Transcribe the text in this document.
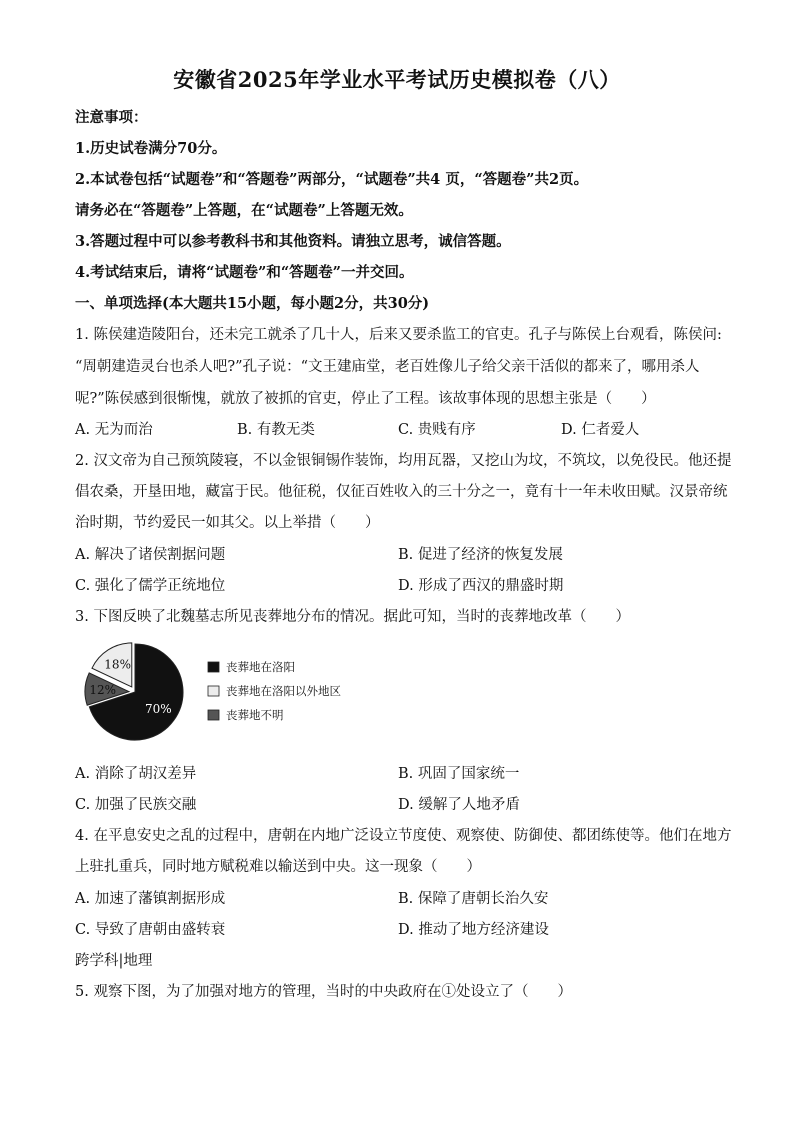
安徽省2025年学业水平考试历史模拟卷（八）
注意事项：
1.历史试卷满分70分。
2.本试卷包括“试题卷”和“答题卷”两部分，“试题卷”共4 页，“答题卷”共2页。
请务必在“答题卷”上答题，在“试题卷”上答题无效。
3.答题过程中可以参考教科书和其他资料。请独立思考，诚信答题。
4.考试结束后，请将“试题卷”和“答题卷”一并交回。
一、单项选择(本大题共15小题，每小题2分，共30分)
1. 陈侯建造陵阳台，还未完工就杀了几十人，后来又要杀监工的官吏。孔子与陈侯上台观看，陈侯问:
“周朝建造灵台也杀人吧?”孔子说：“文王建庙堂，老百姓像儿子给父亲干活似的都来了，哪用杀人
呢?”陈侯感到很惭愧，就放了被抓的官吏，停止了工程。该故事体现的思想主张是（　　）
A. 无为而治	B. 有教无类	C. 贵贱有序	D. 仁者爱人
2. 汉文帝为自己预筑陵寝，不以金银铜锡作装饰，均用瓦器，又挖山为坟，不筑坟，以免役民。他还提
倡农桑，开垦田地，藏富于民。他征税，仅征百姓收入的三十分之一，竟有十一年未收田赋。汉景帝统
治时期，节约爱民一如其父。以上举措（　　）
A. 解决了诸侯割据问题	B. 促进了经济的恢复发展
C. 强化了儒学正统地位	D. 形成了西汉的鼎盛时期
3. 下图反映了北魏墓志所见丧葬地分布的情况。据此可知，当时的丧葬地改革（　　）
70%
18%
12%
丧葬地在洛阳
丧葬地在洛阳以外地区
丧葬地不明
A. 消除了胡汉差异	B. 巩固了国家统一
C. 加强了民族交融	D. 缓解了人地矛盾
4. 在平息安史之乱的过程中，唐朝在内地广泛设立节度使、观察使、防御使、都团练使等。他们在地方
上驻扎重兵，同时地方赋税难以输送到中央。这一现象（　　）
A. 加速了藩镇割据形成	B. 保障了唐朝长治久安
C. 导致了唐朝由盛转衰	D. 推动了地方经济建设
跨学科|地理
5. 观察下图，为了加强对地方的管理，当时的中央政府在①处设立了（　　）
